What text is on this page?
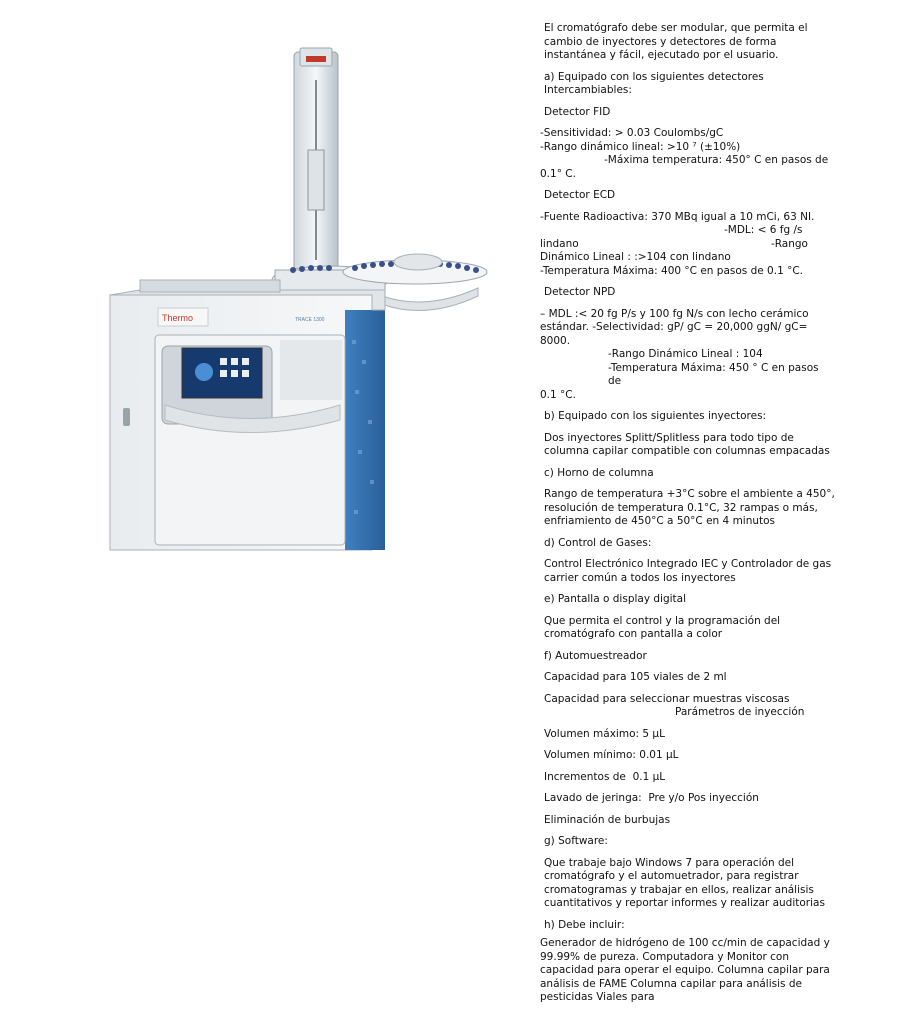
Thermo	TRACE 1300

El cromatógrafo debe ser modular, que permita el cambio de inyectores y detectores de forma instantánea y fácil, ejecutado por el usuario.

a) Equipado con los siguientes detectores Intercambiables:

Detector FID

-Sensitividad: > 0.03 Coulombs/gC
-Rango dinámico lineal: >10 ⁷ (±10%)
-Máxima temperatura: 450° C en pasos de
0.1° C.

Detector ECD

-Fuente Radioactiva: 370 MBq igual a 10 mCi, 63 NI.
-MDL: < 6 fg /s
lindano	-Rango
Dinámico Lineal : :>104 con lindano
-Temperatura Máxima: 400 °C en pasos de 0.1 °C.

Detector NPD

– MDL :< 20 fg P/s y 100 fg N/s con lecho cerámico
estándar. -Selectividad: gP/ gC = 20,000 ggN/ gC= 8000.
-Rango Dinámico Lineal : 104
-Temperatura Máxima: 450 ° C en pasos de
0.1 °C.

b) Equipado con los siguientes inyectores:

Dos inyectores Splitt/Splitless para todo tipo de columna capilar compatible con columnas empacadas

c) Horno de columna

Rango de temperatura +3°C sobre el ambiente a 450°, resolución de temperatura 0.1°C, 32 rampas o más, enfriamiento de 450°C a 50°C en 4 minutos

d) Control de Gases:

Control Electrónico Integrado IEC y Controlador de gas carrier común a todos los inyectores

e) Pantalla o display digital

Que permita el control y la programación del cromatógrafo con pantalla a color

f) Automuestreador

Capacidad para 105 viales de 2 ml

Capacidad para seleccionar muestras viscosas
Parámetros de inyección

Volumen máximo: 5 µL

Volumen mínimo: 0.01 µL

Incrementos de  0.1 µL

Lavado de jeringa:  Pre y/o Pos inyección

Eliminación de burbujas

g) Software:

Que trabaje bajo Windows 7 para operación del cromatógrafo y el automuetrador, para registrar cromatogramas y trabajar en ellos, realizar análisis cuantitativos y reportar informes y realizar auditorias

h) Debe incluir:

Generador de hidrógeno de 100 cc/min de capacidad y 99.99% de pureza. Computadora y Monitor con capacidad para operar el equipo. Columna capilar para análisis de FAME Columna capilar para análisis de pesticidas Viales para
